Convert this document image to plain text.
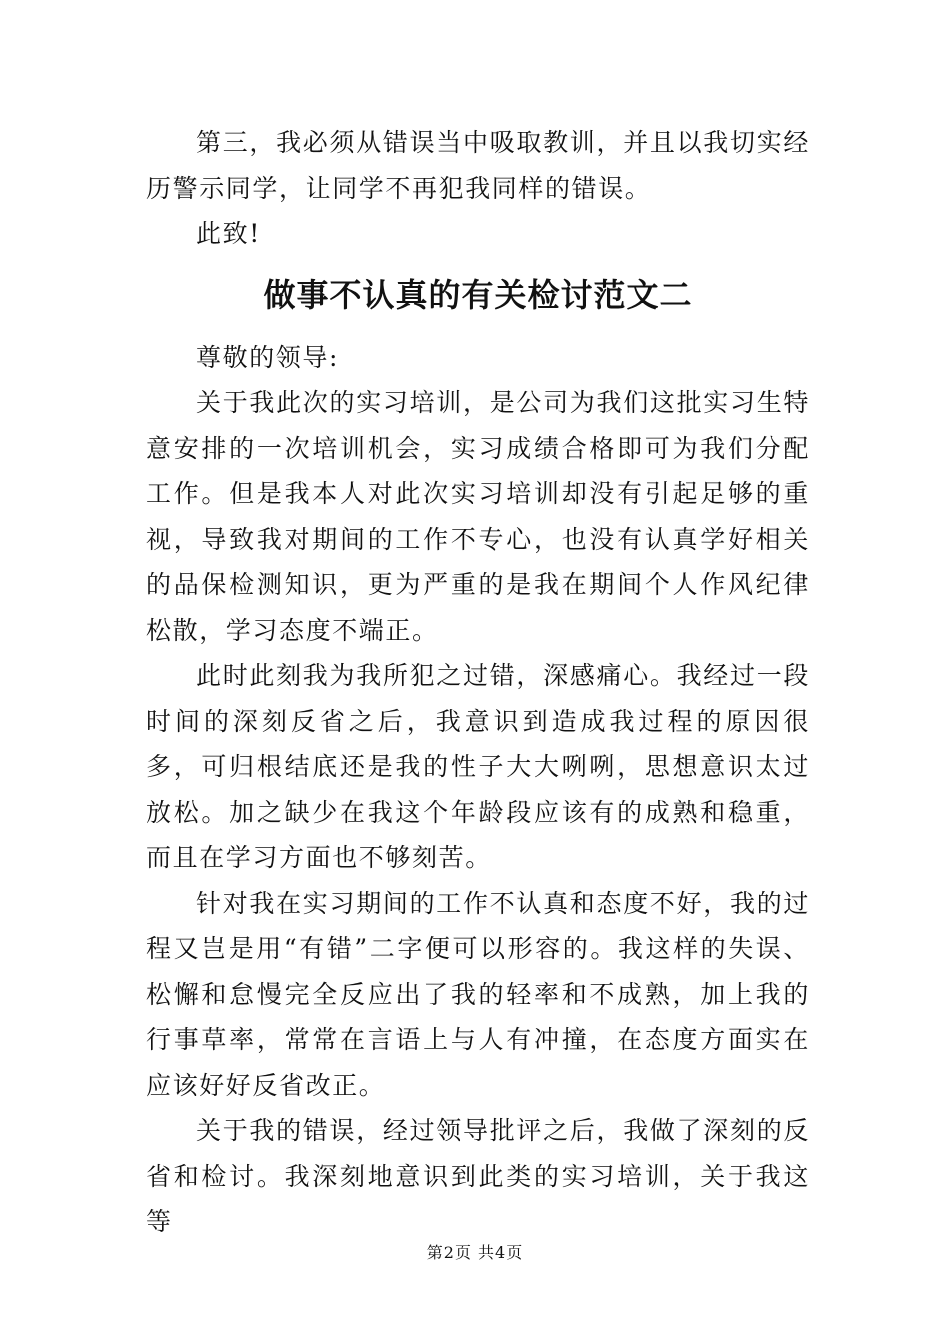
第三，我必须从错误当中吸取教训，并且以我切实经历警示同学，让同学不再犯我同样的错误。

此致!

做事不认真的有关检讨范文二

尊敬的领导:

关于我此次的实习培训，是公司为我们这批实习生特意安排的一次培训机会，实习成绩合格即可为我们分配工作。但是我本人对此次实习培训却没有引起足够的重视，导致我对期间的工作不专心，也没有认真学好相关的品保检测知识，更为严重的是我在期间个人作风纪律松散，学习态度不端正。

此时此刻我为我所犯之过错，深感痛心。我经过一段时间的深刻反省之后，我意识到造成我过程的原因很多，可归根结底还是我的性子大大咧咧，思想意识太过放松。加之缺少在我这个年龄段应该有的成熟和稳重，而且在学习方面也不够刻苦。

针对我在实习期间的工作不认真和态度不好，我的过程又岂是用“有错”二字便可以形容的。我这样的失误、松懈和怠慢完全反应出了我的轻率和不成熟，加上我的行事草率，常常在言语上与人有冲撞，在态度方面实在应该好好反省改正。

关于我的错误，经过领导批评之后，我做了深刻的反省和检讨。我深刻地意识到此类的实习培训，关于我这等

第2页 共4页
